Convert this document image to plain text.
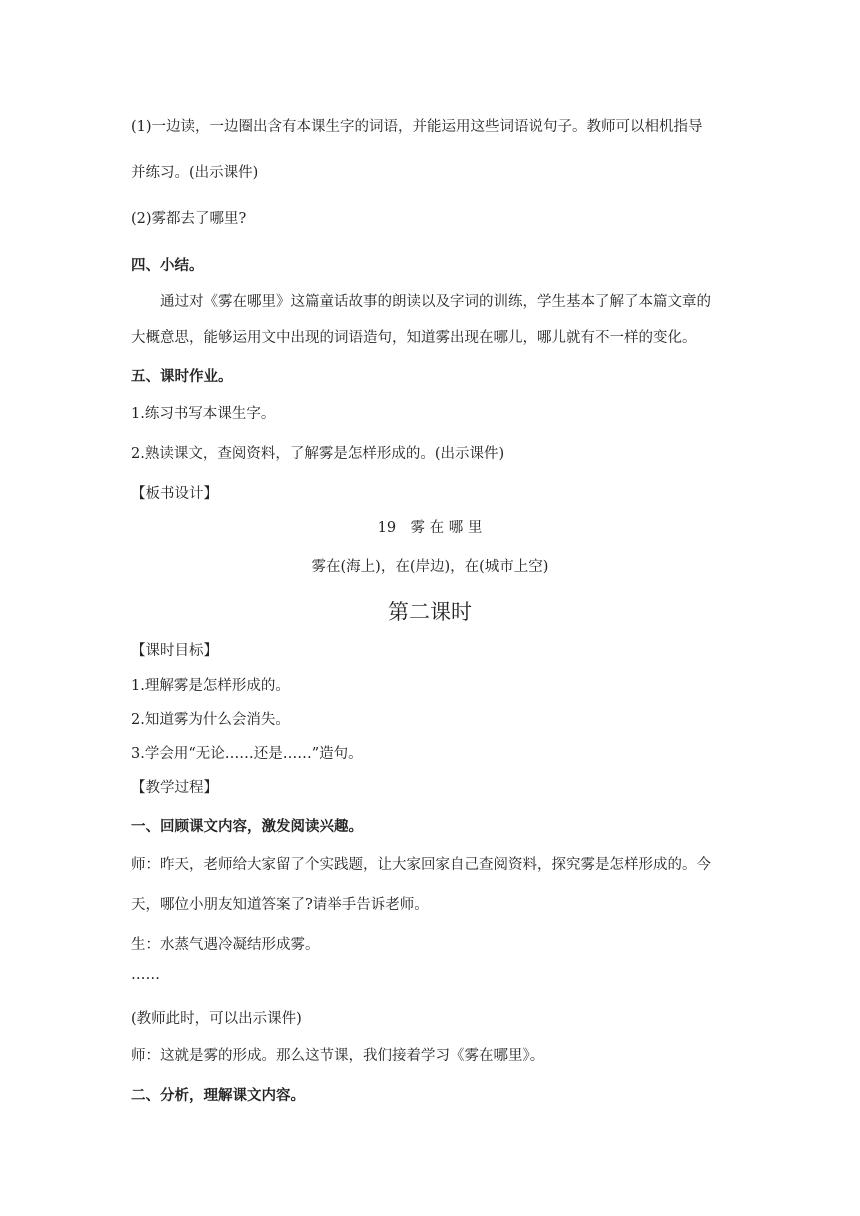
(1)一边读，一边圈出含有本课生字的词语，并能运用这些词语说句子。教师可以相机指导
并练习。(出示课件)
(2)雾都去了哪里?
四、小结。
通过对《雾在哪里》这篇童话故事的朗读以及字词的训练，学生基本了解了本篇文章的
大概意思，能够运用文中出现的词语造句，知道雾出现在哪儿，哪儿就有不一样的变化。
五、课时作业。
1.练习书写本课生字。
2.熟读课文，查阅资料，了解雾是怎样形成的。(出示课件)
【板书设计】
19　雾 在 哪 里
雾在(海上)，在(岸边)，在(城市上空)
第二课时
【课时目标】
1.理解雾是怎样形成的。
2.知道雾为什么会消失。
3.学会用“无论……还是……”造句。
【教学过程】
一、回顾课文内容，激发阅读兴趣。
师：昨天，老师给大家留了个实践题，让大家回家自己查阅资料，探究雾是怎样形成的。今
天，哪位小朋友知道答案了?请举手告诉老师。
生：水蒸气遇冷凝结形成雾。
……
(教师此时，可以出示课件)
师：这就是雾的形成。那么这节课，我们接着学习《雾在哪里》。
二、分析，理解课文内容。
